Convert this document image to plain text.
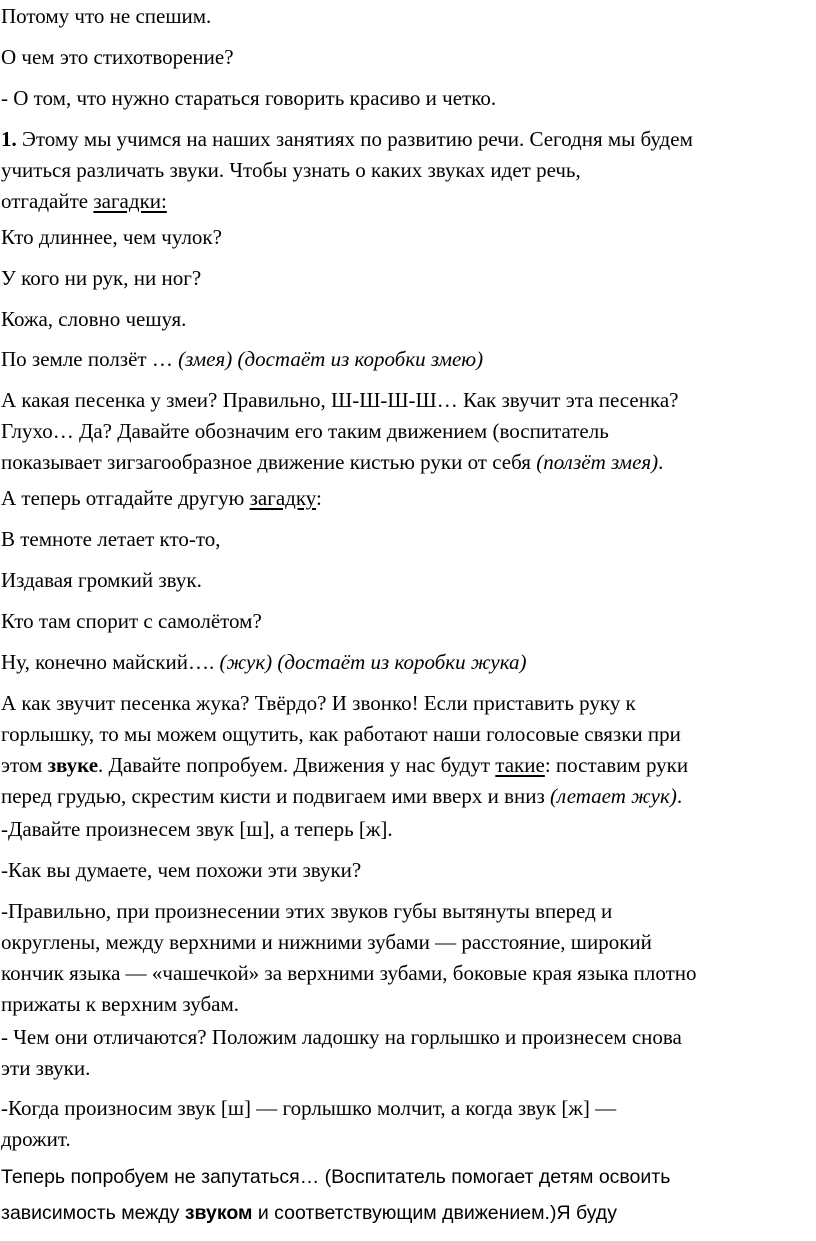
Потому что не спешим.

О чем это стихотворение?

- О том, что нужно стараться говорить красиво и четко.

1. Этому мы учимся на наших занятиях по развитию речи. Сегодня мы будем
учиться различать звуки. Чтобы узнать о каких звуках идет речь,
отгадайте загадки:

Кто длиннее, чем чулок?

У кого ни рук, ни ног?

Кожа, словно чешуя.

По земле ползёт … (змея) (достаёт из коробки змею)

А какая песенка у змеи? Правильно, Ш-Ш-Ш-Ш… Как звучит эта песенка?
Глухо… Да? Давайте обозначим его таким движением (воспитатель
показывает зигзагообразное движение кистью руки от себя (ползёт змея).

А теперь отгадайте другую загадку:

В темноте летает кто-то,

Издавая громкий звук.

Кто там спорит с самолётом?

Ну, конечно майский…. (жук) (достаёт из коробки жука)

А как звучит песенка жука? Твёрдо? И звонко! Если приставить руку к
горлышку, то мы можем ощутить, как работают наши голосовые связки при
этом звуке. Давайте попробуем. Движения у нас будут такие: поставим руки
перед грудью, скрестим кисти и подвигаем ими вверх и вниз (летает жук).

-Давайте произнесем звук [ш], а теперь [ж].

-Как вы думаете, чем похожи эти звуки?

-Правильно, при произнесении этих звуков губы вытянуты вперед и
округлены, между верхними и нижними зубами — расстояние, широкий
кончик языка — «чашечкой» за верхними зубами, боковые края языка плотно
прижаты к верхним зубам.

- Чем они отличаются? Положим ладошку на горлышко и произнесем снова
эти звуки.

-Когда произносим звук [ш] — горлышко молчит, а когда звук [ж] —
дрожит.

Теперь попробуем не запутаться… (Воспитатель помогает детям освоить
зависимость между звуком и соответствующим движением.)Я буду
